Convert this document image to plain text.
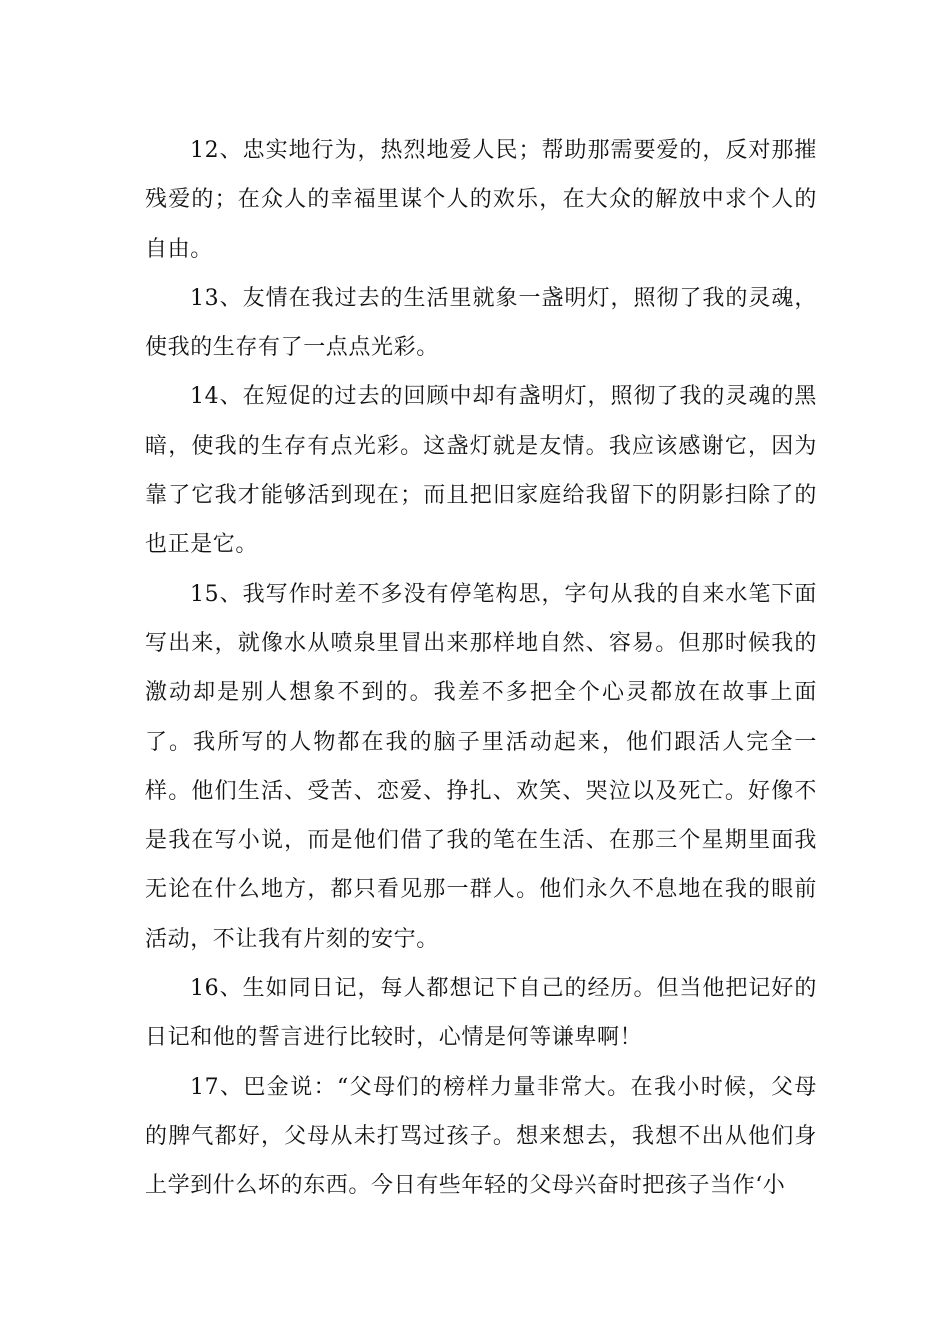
12、忠实地行为，热烈地爱人民；帮助那需要爱的，反对那摧残爱的；在众人的幸福里谋个人的欢乐，在大众的解放中求个人的自由。

13、友情在我过去的生活里就象一盏明灯，照彻了我的灵魂，使我的生存有了一点点光彩。

14、在短促的过去的回顾中却有盏明灯，照彻了我的灵魂的黑暗，使我的生存有点光彩。这盏灯就是友情。我应该感谢它，因为靠了它我才能够活到现在；而且把旧家庭给我留下的阴影扫除了的也正是它。

15、我写作时差不多没有停笔构思，字句从我的自来水笔下面写出来，就像水从喷泉里冒出来那样地自然、容易。但那时候我的激动却是别人想象不到的。我差不多把全个心灵都放在故事上面了。我所写的人物都在我的脑子里活动起来，他们跟活人完全一样。他们生活、受苦、恋爱、挣扎、欢笑、哭泣以及死亡。好像不是我在写小说，而是他们借了我的笔在生活、在那三个星期里面我无论在什么地方，都只看见那一群人。他们永久不息地在我的眼前活动，不让我有片刻的安宁。

16、生如同日记，每人都想记下自己的经历。但当他把记好的日记和他的誓言进行比较时，心情是何等谦卑啊！

17、巴金说：“父母们的榜样力量非常大。在我小时候，父母的脾气都好，父母从未打骂过孩子。想来想去，我想不出从他们身上学到什么坏的东西。今日有些年轻的父母兴奋时把孩子当作‘小
